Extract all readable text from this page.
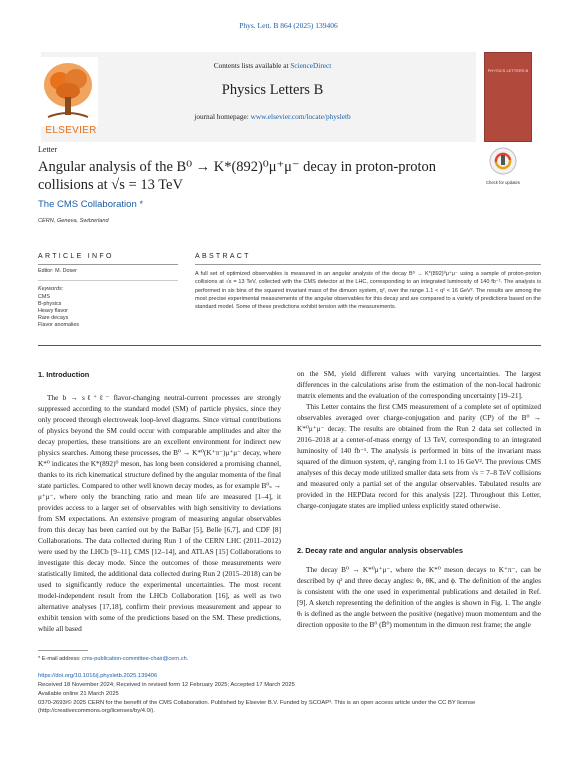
Phys. Lett. B 864 (2025) 139406
ELSEVIER
Contents lists available at ScienceDirect
Physics Letters B
journal homepage: www.elsevier.com/locate/physletb
PHYSICS LETTERS B
Letter
Angular analysis of the B⁰ → K*(892)⁰μ⁺μ⁻ decay in proton-proton
collisions at √s = 13 TeV	Check for updates
The CMS Collaboration *
CERN, Geneva, Switzerland
ARTICLE INFO
Editor: M. Doser
Keywords:
CMS
B-physics
Heavy flavor
Rare decays
Flavor anomalies
ABSTRACT
A full set of optimized observables is measured in an angular analysis of the decay B⁰ → K*(892)⁰μ⁺μ⁻ using a sample of proton-proton collisions at √s = 13 TeV, collected with the CMS detector at the LHC, corresponding to an integrated luminosity of 140 fb⁻¹. The analysis is performed in six bins of the squared invariant mass of the dimuon system, q², over the range 1.1 < q² < 16 GeV². The results are among the most precise experimental measurements of the angular observables for this decay and are compared to a variety of predictions based on the standard model. Some of these predictions exhibit tension with the measurements.
1. Introduction

The b → sℓ⁺ℓ⁻ flavor-changing neutral-current processes are strongly suppressed according to the standard model (SM) of particle physics, since they only proceed through electroweak loop-level diagrams. Since virtual contributions of physics beyond the SM could occur with comparable amplitudes and alter the decay properties, these transitions are an excellent environment for indirect new physics searches. Among these processes, the B⁰ → K*⁰(K⁺π⁻)μ⁺μ⁻ decay, where K*⁰ indicates the K*(892)⁰ meson, has long been considered a promising channel, thanks to its rich kinematical structure defined by the angular momenta of the final state particles. Compared to other well known decay modes, as for example B⁰ₛ → μ⁺μ⁻, where only the branching ratio and mean life are measured [1–4], it provides access to a larger set of observables with high sensitivity to deviations from SM expectations. An extensive program of measuring angular observables from this decay has been carried out by the BaBar [5], Belle [6,7], and CDF [8] Collaborations. The data collected during Run 1 of the CERN LHC (2011–2012) were used by the LHCb [9–11], CMS [12–14], and ATLAS [15] Collaborations to investigate this decay mode. Since the outcomes of those measurements were statistically limited, the additional data collected during Run 2 (2015–2018) can be used to significantly reduce the experimental uncertainties. The most recent model-independent result from the LHCb Collaboration [16], as well as two alternative analyses [17,18], confirm their previous measurement and appear to exhibit tension with some of the predictions based on the SM. These predictions, while all based

on the SM, yield different values with varying uncertainties. The largest differences in the calculations arise from the estimation of the non-local hadronic matrix elements and the evaluation of the corresponding uncertainty [19–21].

This Letter contains the first CMS measurement of a complete set of optimized observables averaged over charge-conjugation and parity (CP) of the B⁰ → K*⁰μ⁺μ⁻ decay. The results are obtained from the Run 2 data set collected in 2016–2018 at a center-of-mass energy of 13 TeV, corresponding to an integrated luminosity of 140 fb⁻¹. The analysis is performed in bins of the invariant mass squared of the dimuon system, q², ranging from 1.1 to 16 GeV². The previous CMS analyses of this decay mode utilized smaller data sets from √s = 7–8 TeV collisions and measured only a partial set of the angular observables. Tabulated results are provided in the HEPData record for this analysis [22]. Throughout this Letter, charge-conjugate states are implied unless explicitly stated otherwise.

2. Decay rate and angular analysis observables

The decay B⁰ → K*⁰μ⁺μ⁻, where the K*⁰ meson decays to K⁺π⁻, can be described by q² and three decay angles: θₗ, θK, and ϕ. The definition of the angles is consistent with the one used in experimental publications and detailed in Ref. [9]. A sketch representing the definition of the angles is shown in Fig. 1. The angle θₗ is defined as the angle between the positive (negative) muon momentum and the direction opposite to the B⁰ (B̄⁰) momentum in the dimuon rest frame; the angle

* E-mail address: cms-publication-committee-chair@cern.ch.
https://doi.org/10.1016/j.physletb.2025.139406
Received 18 November 2024; Received in revised form 12 February 2025; Accepted 17 March 2025
Available online 21 March 2025
0370-2693/© 2025 CERN for the benefit of the CMS Collaboration. Published by Elsevier B.V. Funded by SCOAP³. This is an open access article under the CC BY license (http://creativecommons.org/licenses/by/4.0/).
